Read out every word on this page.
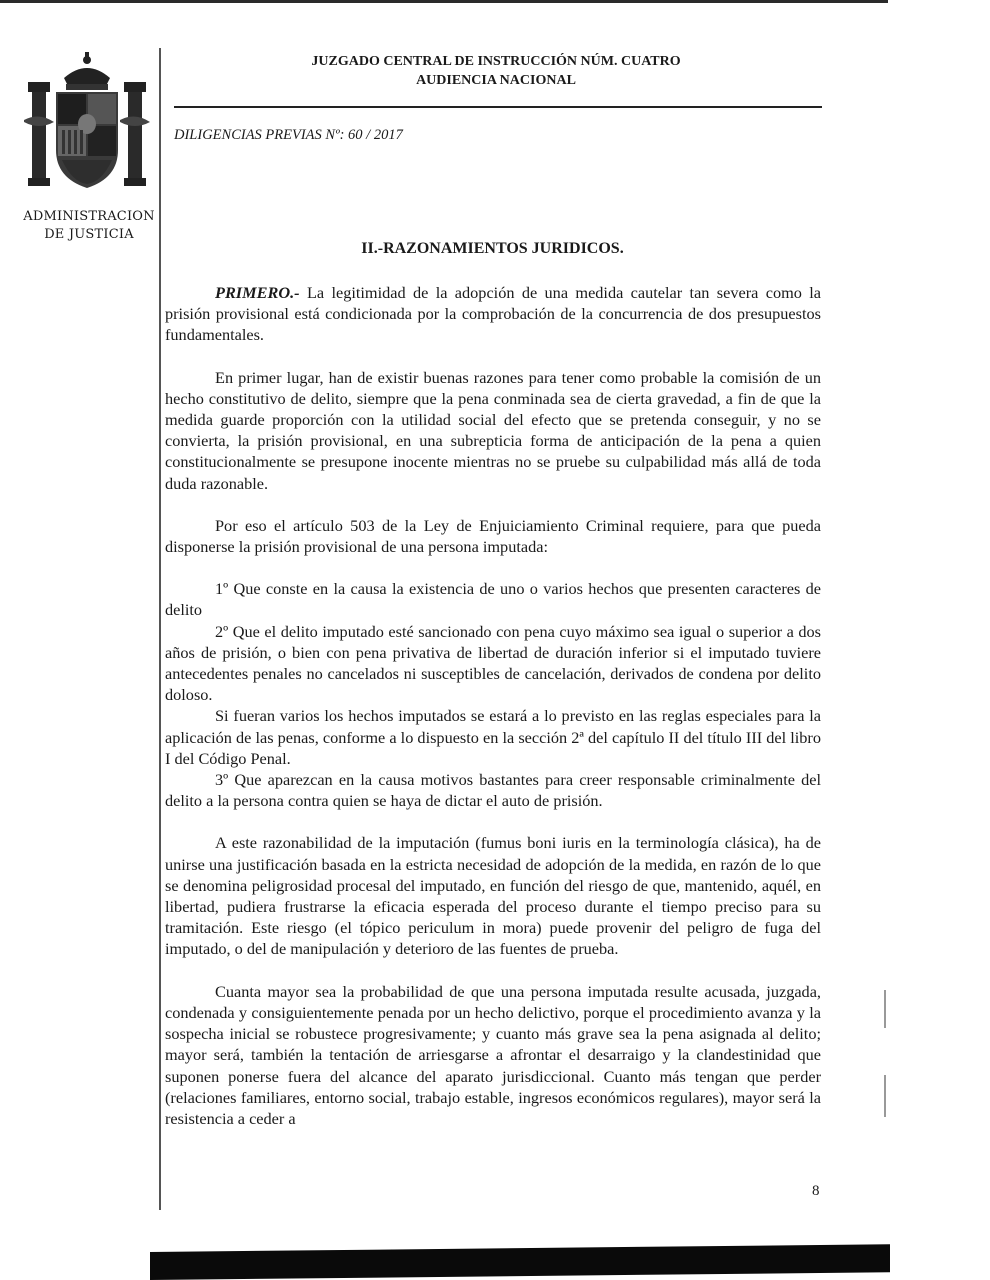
ADMINISTRACION
DE JUSTICIA
JUZGADO CENTRAL DE INSTRUCCIÓN NÚM. CUATRO
AUDIENCIA NACIONAL
DILIGENCIAS PREVIAS Nº: 60 / 2017
II.-RAZONAMIENTOS JURIDICOS.

PRIMERO.- La legitimidad de la adopción de una medida cautelar tan severa como la prisión provisional está condicionada por la comprobación de la concurrencia de dos presupuestos fundamentales.

En primer lugar, han de existir buenas razones para tener como probable la comisión de un hecho constitutivo de delito, siempre que la pena conminada sea de cierta gravedad, a fin de que la medida guarde proporción con la utilidad social del efecto que se pretenda conseguir, y no se convierta, la prisión provisional, en una subrepticia forma de anticipación de la pena a quien constitucionalmente se presupone inocente mientras no se pruebe su culpabilidad más allá de toda duda razonable.

Por eso el artículo 503 de la Ley de Enjuiciamiento Criminal requiere, para que pueda disponerse la prisión provisional de una persona imputada:

1º Que conste en la causa la existencia de uno o varios hechos que presenten caracteres de delito

2º Que el delito imputado esté sancionado con pena cuyo máximo sea igual o superior a dos años de prisión, o bien con pena privativa de libertad de duración inferior si el imputado tuviere antecedentes penales no cancelados ni susceptibles de cancelación, derivados de condena por delito doloso.

Si fueran varios los hechos imputados se estará a lo previsto en las reglas especiales para la aplicación de las penas, conforme a lo dispuesto en la sección 2ª del capítulo II del título III del libro I del Código Penal.

3º Que aparezcan en la causa motivos bastantes para creer responsable criminalmente del delito a la persona contra quien se haya de dictar el auto de prisión.

A este razonabilidad de la imputación (fumus boni iuris en la terminología clásica), ha de unirse una justificación basada en la estricta necesidad de adopción de la medida, en razón de lo que se denomina peligrosidad procesal del imputado, en función del riesgo de que, mantenido, aquél, en libertad, pudiera frustrarse la eficacia esperada del proceso durante el tiempo preciso para su tramitación. Este riesgo (el tópico periculum in mora) puede provenir del peligro de fuga del imputado, o del de manipulación y deterioro de las fuentes de prueba.

Cuanta mayor sea la probabilidad de que una persona imputada resulte acusada, juzgada, condenada y consiguientemente penada por un hecho delictivo, porque el procedimiento avanza y la sospecha inicial se robustece progresivamente; y cuanto más grave sea la pena asignada al delito; mayor será, también la tentación de arriesgarse a afrontar el desarraigo y la clandestinidad que suponen ponerse fuera del alcance del aparato jurisdiccional. Cuanto más tengan que perder (relaciones familiares, entorno social, trabajo estable, ingresos económicos regulares), mayor será la resistencia a ceder a

8
